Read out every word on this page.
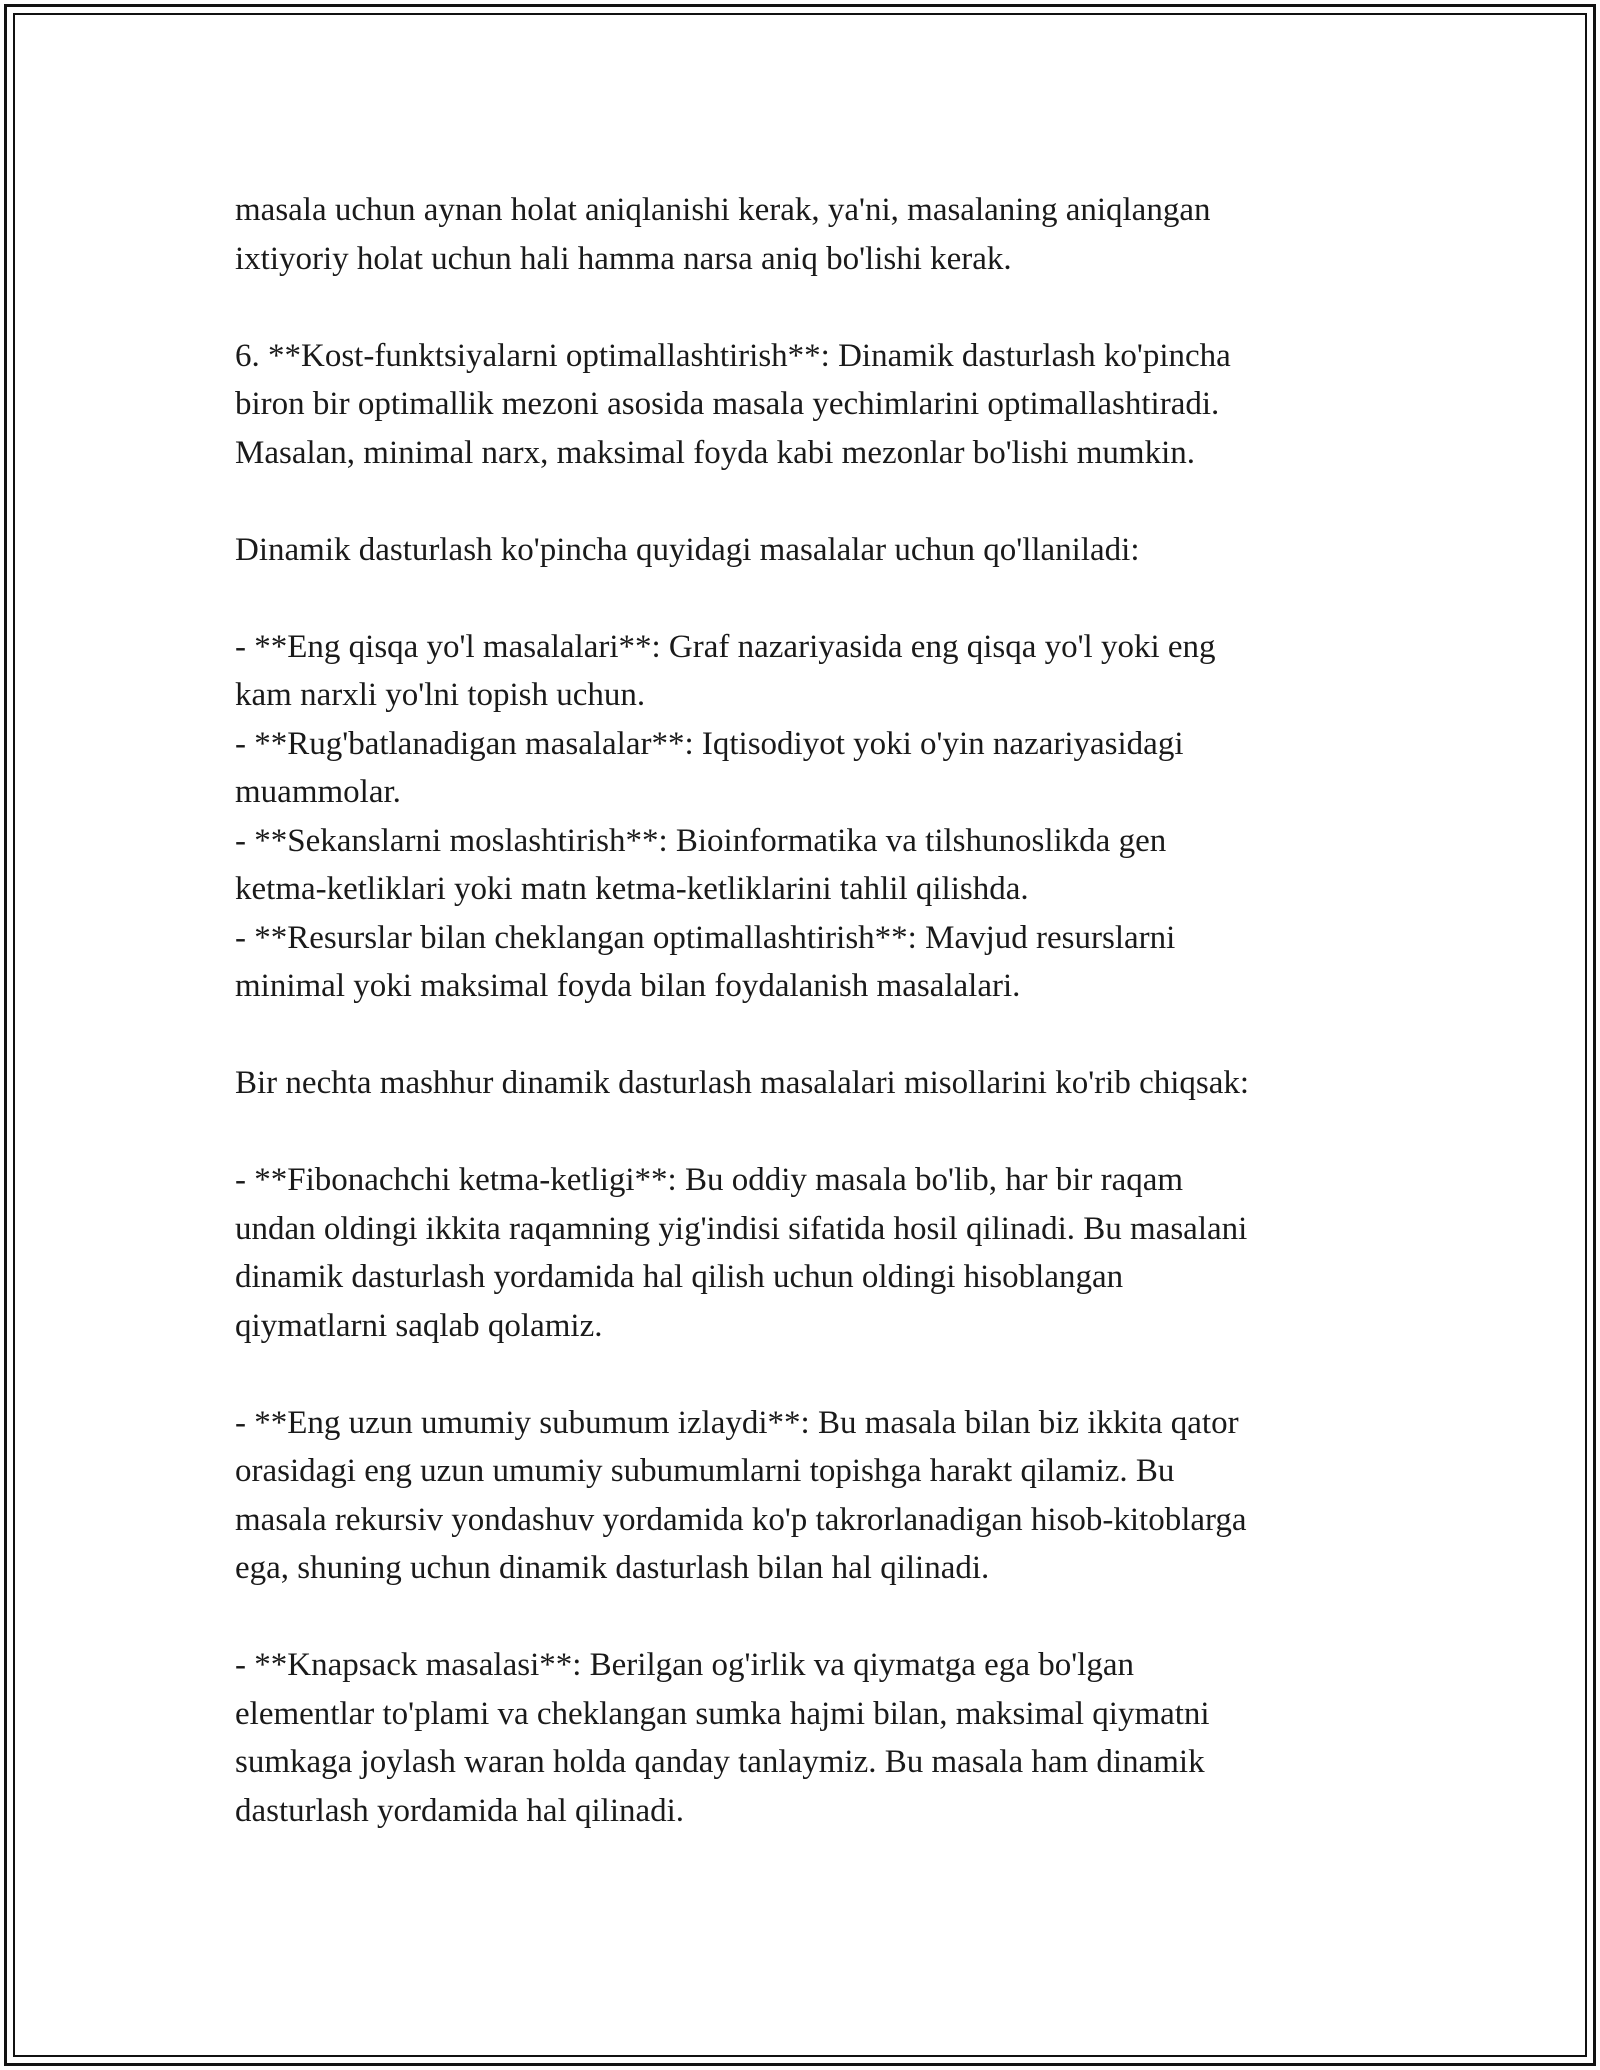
masala uchun aynan holat aniqlanishi kerak, ya'ni, masalaning aniqlangan
ixtiyoriy holat uchun hali hamma narsa aniq bo'lishi kerak.

6. **Kost-funktsiyalarni optimallashtirish**: Dinamik dasturlash ko'pincha
biron bir optimallik mezoni asosida masala yechimlarini optimallashtiradi.
Masalan, minimal narx, maksimal foyda kabi mezonlar bo'lishi mumkin.

Dinamik dasturlash ko'pincha quyidagi masalalar uchun qo'llaniladi:

- **Eng qisqa yo'l masalalari**: Graf nazariyasida eng qisqa yo'l yoki eng
kam narxli yo'lni topish uchun.
- **Rug'batlanadigan masalalar**: Iqtisodiyot yoki o'yin nazariyasidagi
muammolar.
- **Sekanslarni moslashtirish**: Bioinformatika va tilshunoslikda gen
ketma-ketliklari yoki matn ketma-ketliklarini tahlil qilishda.
- **Resurslar bilan cheklangan optimallashtirish**: Mavjud resurslarni
minimal yoki maksimal foyda bilan foydalanish masalalari.

Bir nechta mashhur dinamik dasturlash masalalari misollarini ko'rib chiqsak:

- **Fibonachchi ketma-ketligi**: Bu oddiy masala bo'lib, har bir raqam
undan oldingi ikkita raqamning yig'indisi sifatida hosil qilinadi. Bu masalani
dinamik dasturlash yordamida hal qilish uchun oldingi hisoblangan
qiymatlarni saqlab qolamiz.

- **Eng uzun umumiy subumum izlaydi**: Bu masala bilan biz ikkita qator
orasidagi eng uzun umumiy subumumlarni topishga harakt qilamiz. Bu
masala rekursiv yondashuv yordamida ko'p takrorlanadigan hisob-kitoblarga
ega, shuning uchun dinamik dasturlash bilan hal qilinadi.

- **Knapsack masalasi**: Berilgan og'irlik va qiymatga ega bo'lgan
elementlar to'plami va cheklangan sumka hajmi bilan, maksimal qiymatni
sumkaga joylash waran holda qanday tanlaymiz. Bu masala ham dinamik
dasturlash yordamida hal qilinadi.
